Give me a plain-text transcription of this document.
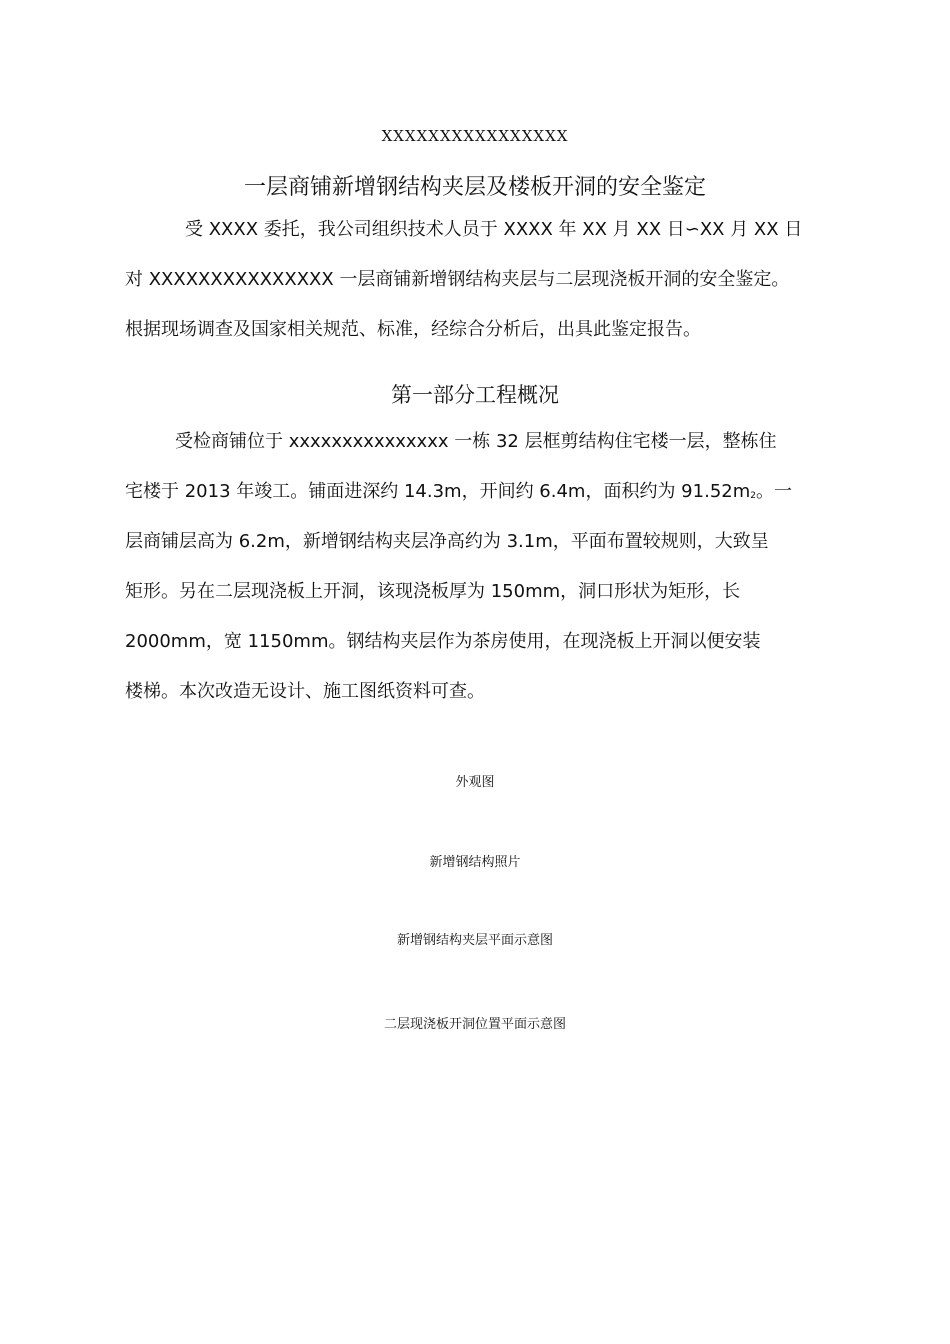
XXXXXXXXXXXXXXXX
一层商铺新增钢结构夹层及楼板开洞的安全鉴定
受 XXXX 委托，我公司组织技术人员于 XXXX 年 XX 月 XX 日∽XX 月 XX 日
对 XXXXXXXXXXXXXXX 一层商铺新增钢结构夹层与二层现浇板开洞的安全鉴定。
根据现场调查及国家相关规范、标准，经综合分析后，出具此鉴定报告。
第一部分工程概况
受检商铺位于 xxxxxxxxxxxxxxx 一栋 32 层框剪结构住宅楼一层，整栋住
宅楼于 2013 年竣工。铺面进深约 14.3m，开间约 6.4m，面积约为 $91.52m_2$。一
层商铺层高为 6.2m，新增钢结构夹层净高约为 3.1m，平面布置较规则，大致呈
矩形。另在二层现浇板上开洞，该现浇板厚为 150mm，洞口形状为矩形，长
2000mm，宽 1150mm。钢结构夹层作为茶房使用，在现浇板上开洞以便安装
楼梯。本次改造无设计、施工图纸资料可查。
外观图
新增钢结构照片
新增钢结构夹层平面示意图
二层现浇板开洞位置平面示意图
